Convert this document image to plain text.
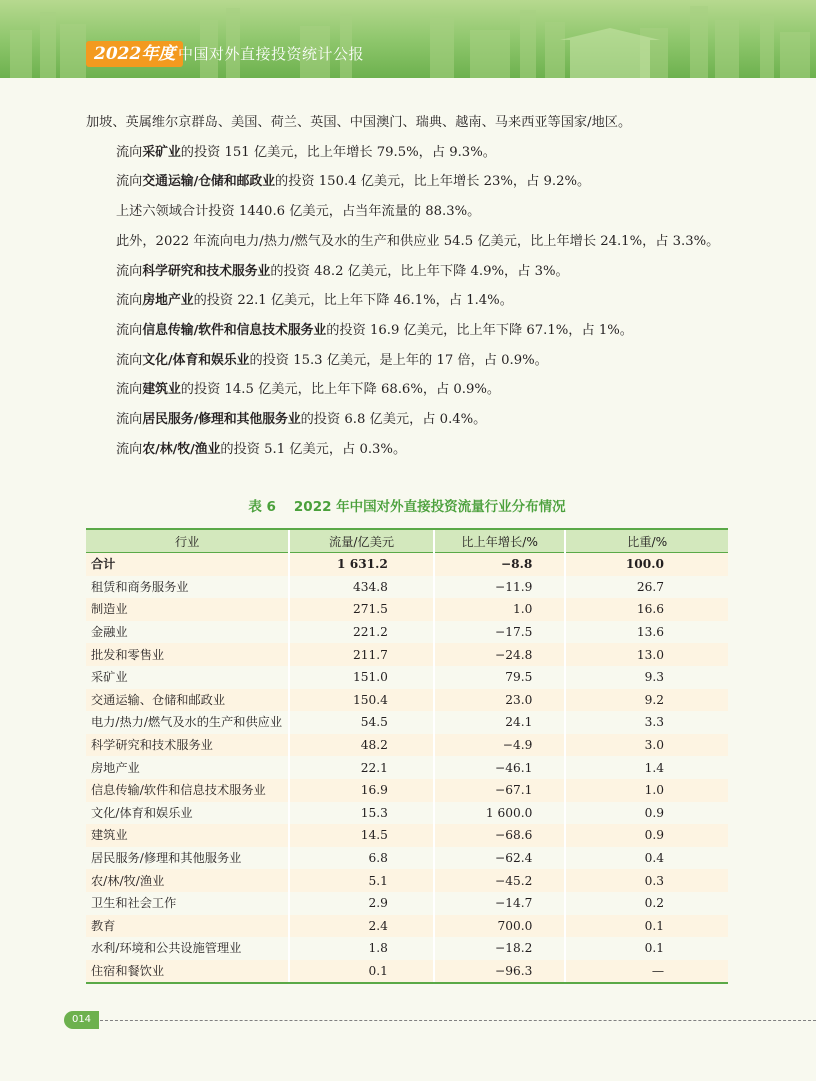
2022年度 中国对外直接投资统计公报

加坡、英属维尔京群岛、美国、荷兰、英国、中国澳门、瑞典、越南、马来西亚等国家/地区。

流向采矿业的投资 151 亿美元，比上年增长 79.5%，占 9.3%。

流向交通运输/仓储和邮政业的投资 150.4 亿美元，比上年增长 23%，占 9.2%。

上述六领域合计投资 1440.6 亿美元，占当年流量的 88.3%。

此外，2022 年流向电力/热力/燃气及水的生产和供应业 54.5 亿美元，比上年增长 24.1%，占 3.3%。

流向科学研究和技术服务业的投资 48.2 亿美元，比上年下降 4.9%，占 3%。

流向房地产业的投资 22.1 亿美元，比上年下降 46.1%，占 1.4%。

流向信息传输/软件和信息技术服务业的投资 16.9 亿美元，比上年下降 67.1%，占 1%。

流向文化/体育和娱乐业的投资 15.3 亿美元，是上年的 17 倍，占 0.9%。

流向建筑业的投资 14.5 亿美元，比上年下降 68.6%，占 0.9%。

流向居民服务/修理和其他服务业的投资 6.8 亿美元，占 0.4%。

流向农/林/牧/渔业的投资 5.1 亿美元，占 0.3%。

表 6 2022 年中国对外直接投资流量行业分布情况
行业	流量/亿美元	比上年增长/%	比重/%
合计	1 631.2	−8.8	100.0
租赁和商务服务业	434.8	−11.9	26.7
制造业	271.5	1.0	16.6
金融业	221.2	−17.5	13.6
批发和零售业	211.7	−24.8	13.0
采矿业	151.0	79.5	9.3
交通运输、仓储和邮政业	150.4	23.0	9.2
电力/热力/燃气及水的生产和供应业	54.5	24.1	3.3
科学研究和技术服务业	48.2	−4.9	3.0
房地产业	22.1	−46.1	1.4
信息传输/软件和信息技术服务业	16.9	−67.1	1.0
文化/体育和娱乐业	15.3	1 600.0	0.9
建筑业	14.5	−68.6	0.9
居民服务/修理和其他服务业	6.8	−62.4	0.4
农/林/牧/渔业	5.1	−45.2	0.3
卫生和社会工作	2.9	−14.7	0.2
教育	2.4	700.0	0.1
水利/环境和公共设施管理业	1.8	−18.2	0.1
住宿和餐饮业	0.1	−96.3	—
014
